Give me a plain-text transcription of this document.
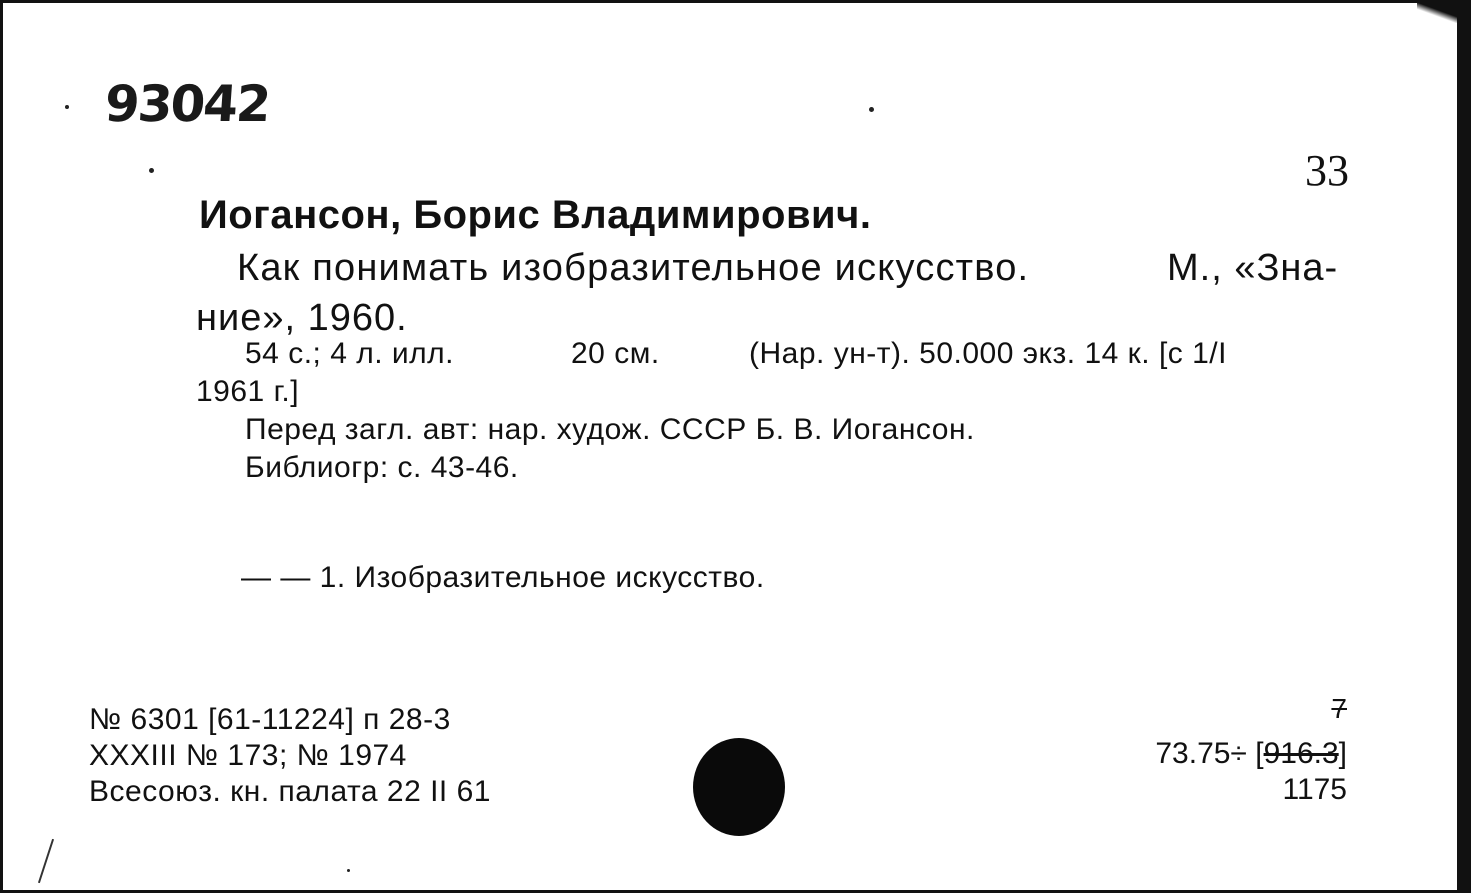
93042
33
Иогансон, Борис Владимирович.
Как понимать изобразительное искусство.	М., «Зна-
ние», 1960.
54 с.; 4 л. илл.	20 см.	(Нар. ун-т). 50.000 экз. 14 к. [с 1/I
1961 г.]
Перед загл. авт: нар. худож. СССР Б. В. Иогансон.
Библиогр: с. 43-46.
— — 1. Изобразительное искусство.
№ 6301 [61-11224] п 28-3
XXXIII № 173; № 1974
Всесоюз. кн. палата 22 II 61
7
73.75÷ [916.3]
1175
